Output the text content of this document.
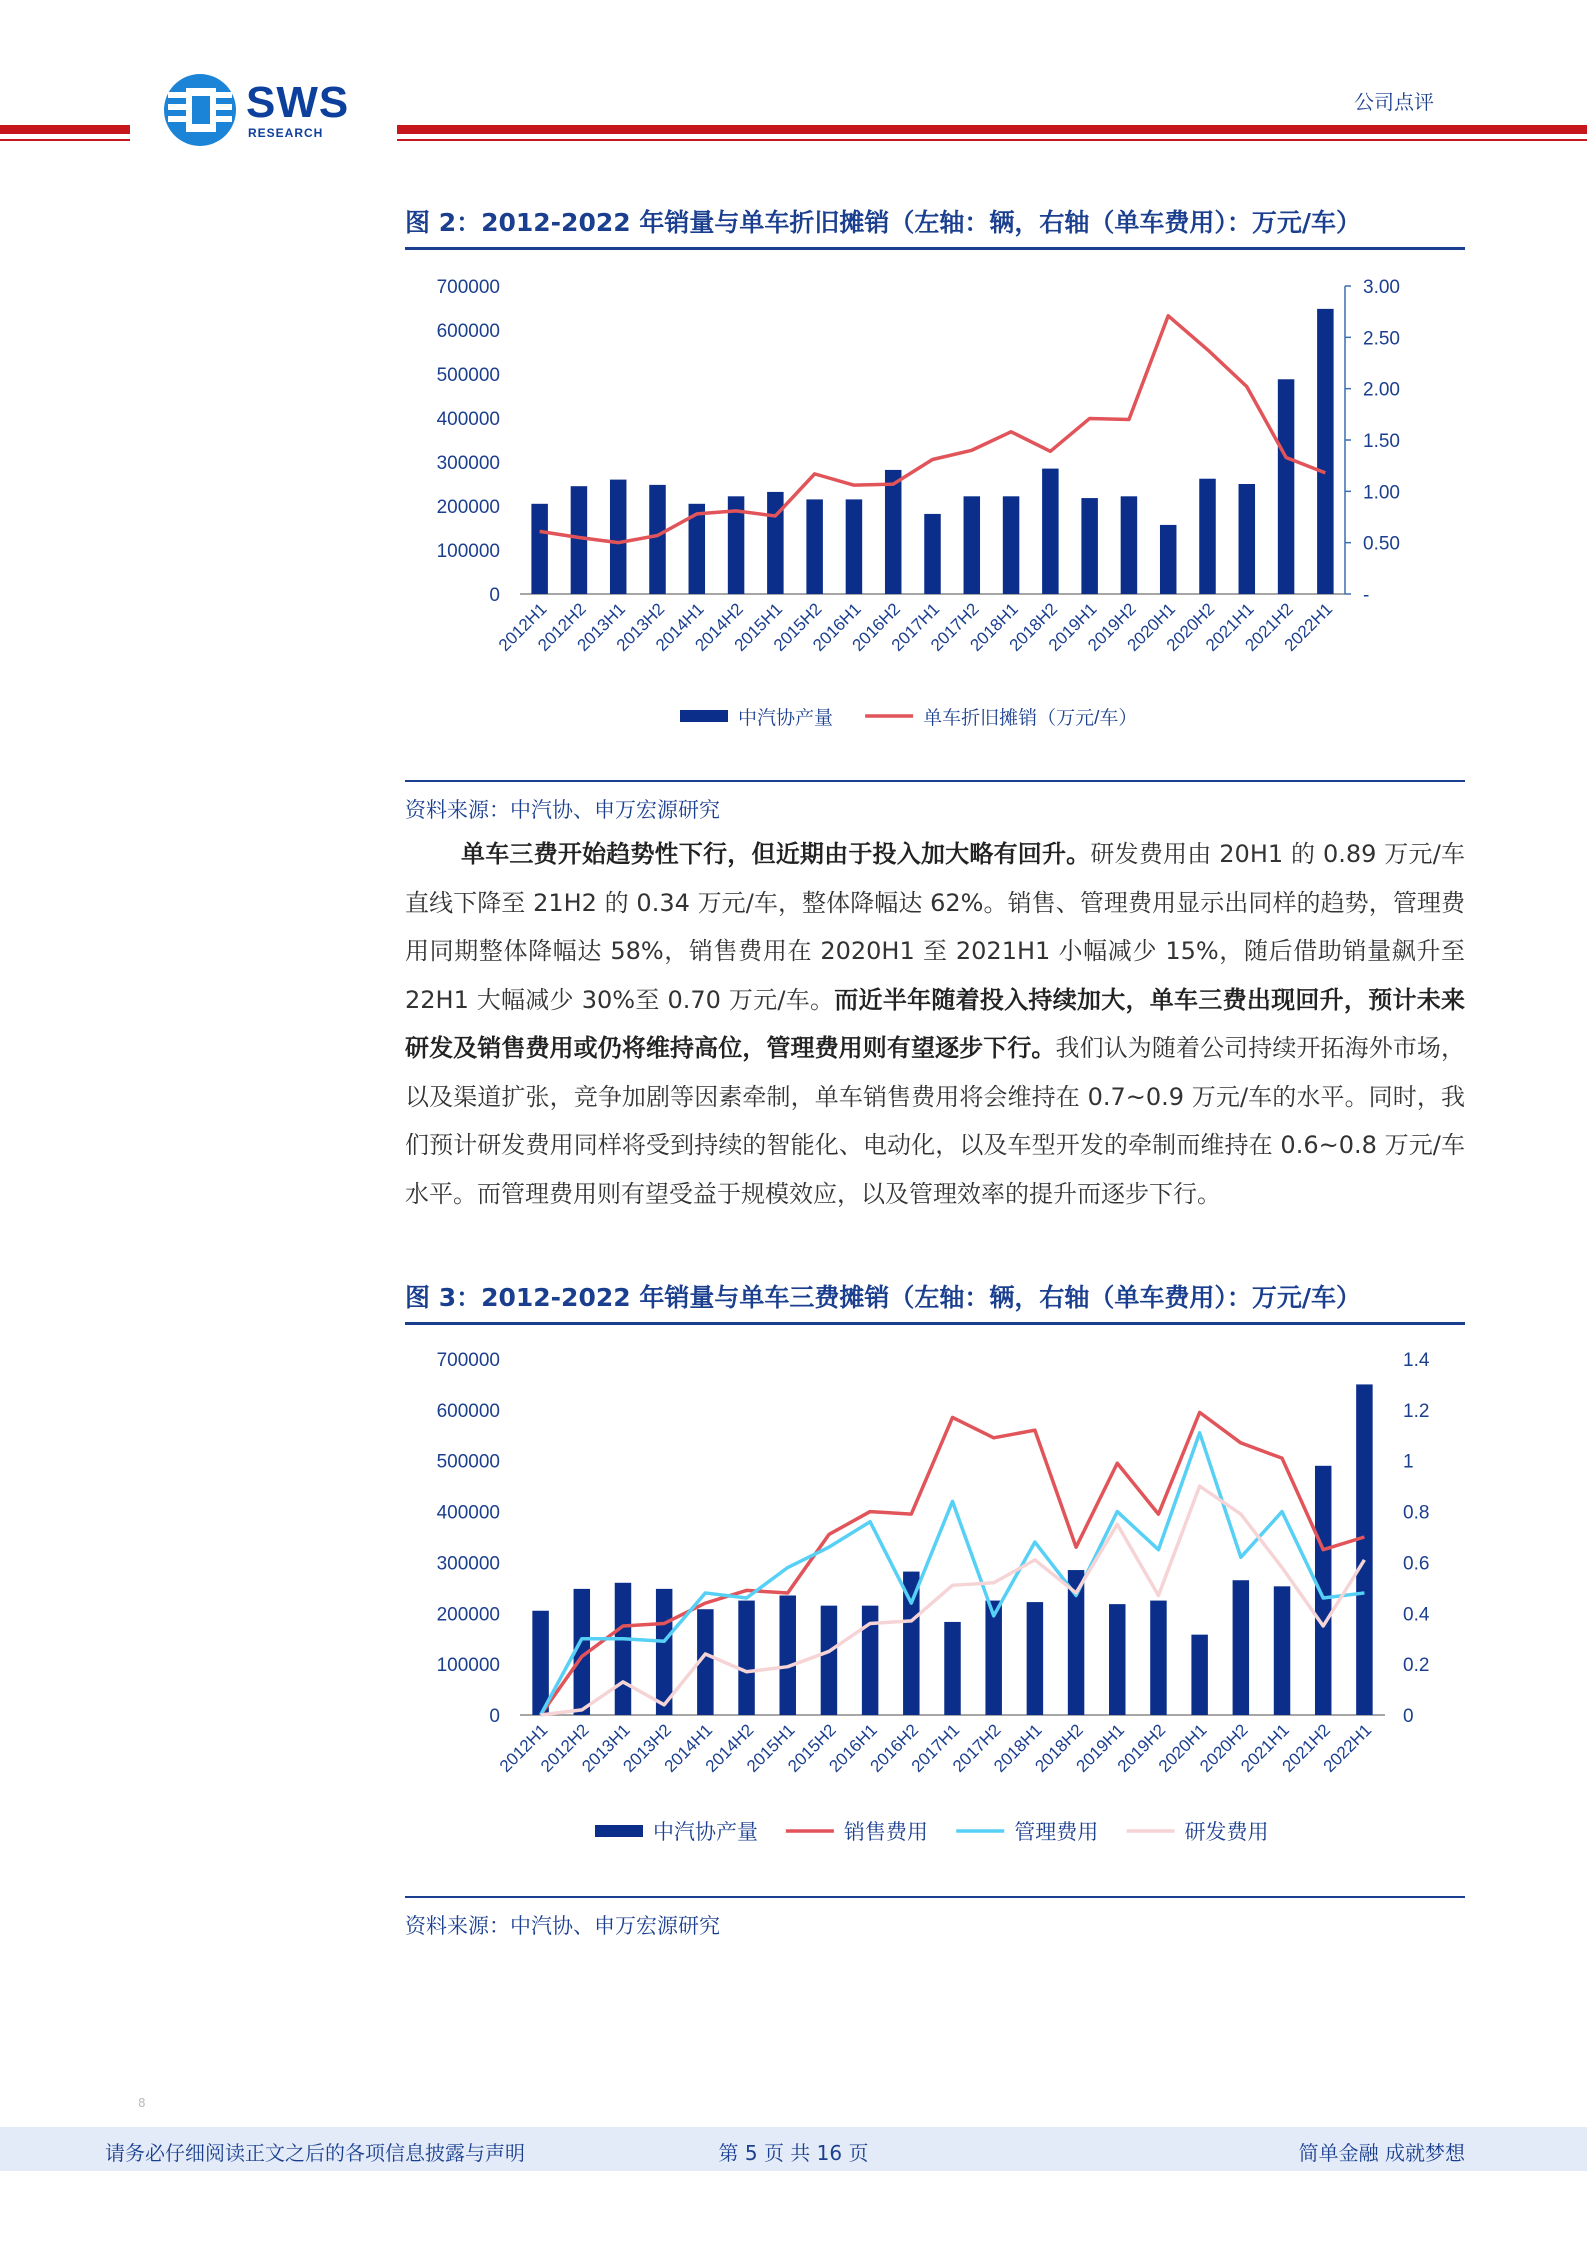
SWS
RESEARCH
公司点评
图 2：2012-2022 年销量与单车折旧摊销（左轴：辆，右轴（单车费用）：万元/车）
0
100000
200000
300000
400000
500000
600000
700000
-
0.50
1.00
1.50
2.00
2.50
3.00
2012H1
2012H2
2013H1
2013H2
2014H1
2014H2
2015H1
2015H2
2016H1
2016H2
2017H1
2017H2
2018H1
2018H2
2019H1
2019H2
2020H1
2020H2
2021H1
2021H2
2022H1
中汽协产量	单车折旧摊销（万元/车）
资料来源：中汽协、申万宏源研究

单车三费开始趋势性下行，但近期由于投入加大略有回升。研发费用由 20H1 的 0.89 万元/车直线下降至 21H2 的 0.34 万元/车，整体降幅达 62%。销售、管理费用显示出同样的趋势，管理费用同期整体降幅达 58%，销售费用在 2020H1 至 2021H1 小幅减少 15%，随后借助销量飙升至 22H1 大幅减少 30%至 0.70 万元/车。而近半年随着投入持续加大，单车三费出现回升，预计未来研发及销售费用或仍将维持高位，管理费用则有望逐步下行。我们认为随着公司持续开拓海外市场，以及渠道扩张，竞争加剧等因素牵制，单车销售费用将会维持在 0.7~0.9 万元/车的水平。同时，我们预计研发费用同样将受到持续的智能化、电动化，以及车型开发的牵制而维持在 0.6~0.8 万元/车水平。而管理费用则有望受益于规模效应，以及管理效率的提升而逐步下行。

图 3：2012-2022 年销量与单车三费摊销（左轴：辆，右轴（单车费用）：万元/车）
0
100000
200000
300000
400000
500000
600000
700000
0
0.2
0.4
0.6
0.8
1
1.2
1.4
2012H1
2012H2
2013H1
2013H2
2014H1
2014H2
2015H1
2015H2
2016H1
2016H2
2017H1
2017H2
2018H1
2018H2
2019H1
2019H2
2020H1
2020H2
2021H1
2021H2
2022H1
中汽协产量	销售费用	管理费用	研发费用
资料来源：中汽协、申万宏源研究
8
请务必仔细阅读正文之后的各项信息披露与声明	第 5 页 共 16 页	简单金融 成就梦想
